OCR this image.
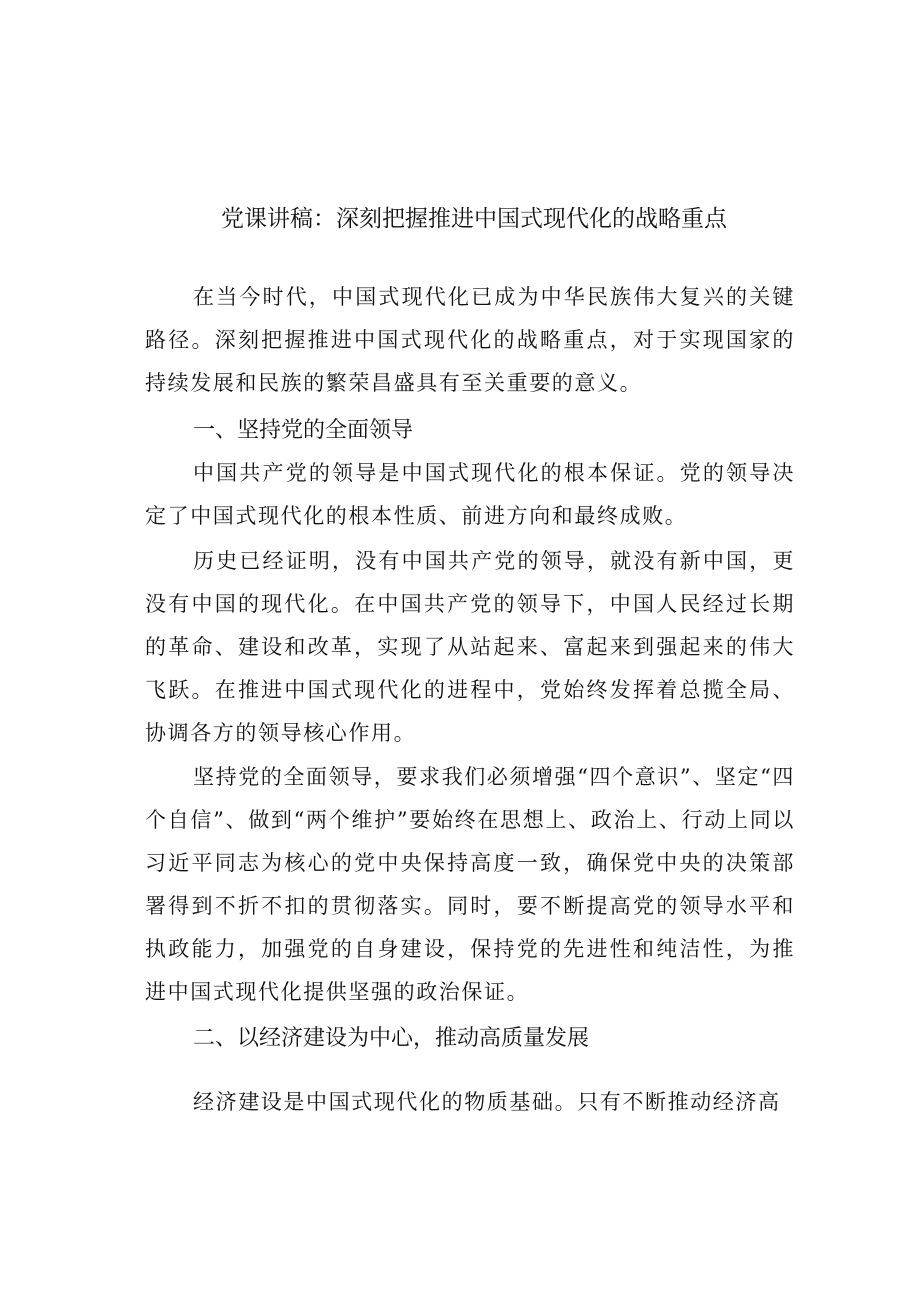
党课讲稿：深刻把握推进中国式现代化的战略重点

在当今时代，中国式现代化已成为中华民族伟大复兴的关键路径。深刻把握推进中国式现代化的战略重点，对于实现国家的持续发展和民族的繁荣昌盛具有至关重要的意义。

一、坚持党的全面领导

中国共产党的领导是中国式现代化的根本保证。党的领导决定了中国式现代化的根本性质、前进方向和最终成败。

历史已经证明，没有中国共产党的领导，就没有新中国，更没有中国的现代化。在中国共产党的领导下，中国人民经过长期的革命、建设和改革，实现了从站起来、富起来到强起来的伟大飞跃。在推进中国式现代化的进程中，党始终发挥着总揽全局、协调各方的领导核心作用。

坚持党的全面领导，要求我们必须增强“四个意识”、坚定“四个自信”、做到“两个维护”要始终在思想上、政治上、行动上同以习近平同志为核心的党中央保持高度一致，确保党中央的决策部署得到不折不扣的贯彻落实。同时，要不断提高党的领导水平和执政能力，加强党的自身建设，保持党的先进性和纯洁性，为推进中国式现代化提供坚强的政治保证。

二、以经济建设为中心，推动高质量发展

经济建设是中国式现代化的物质基础。只有不断推动经济高
